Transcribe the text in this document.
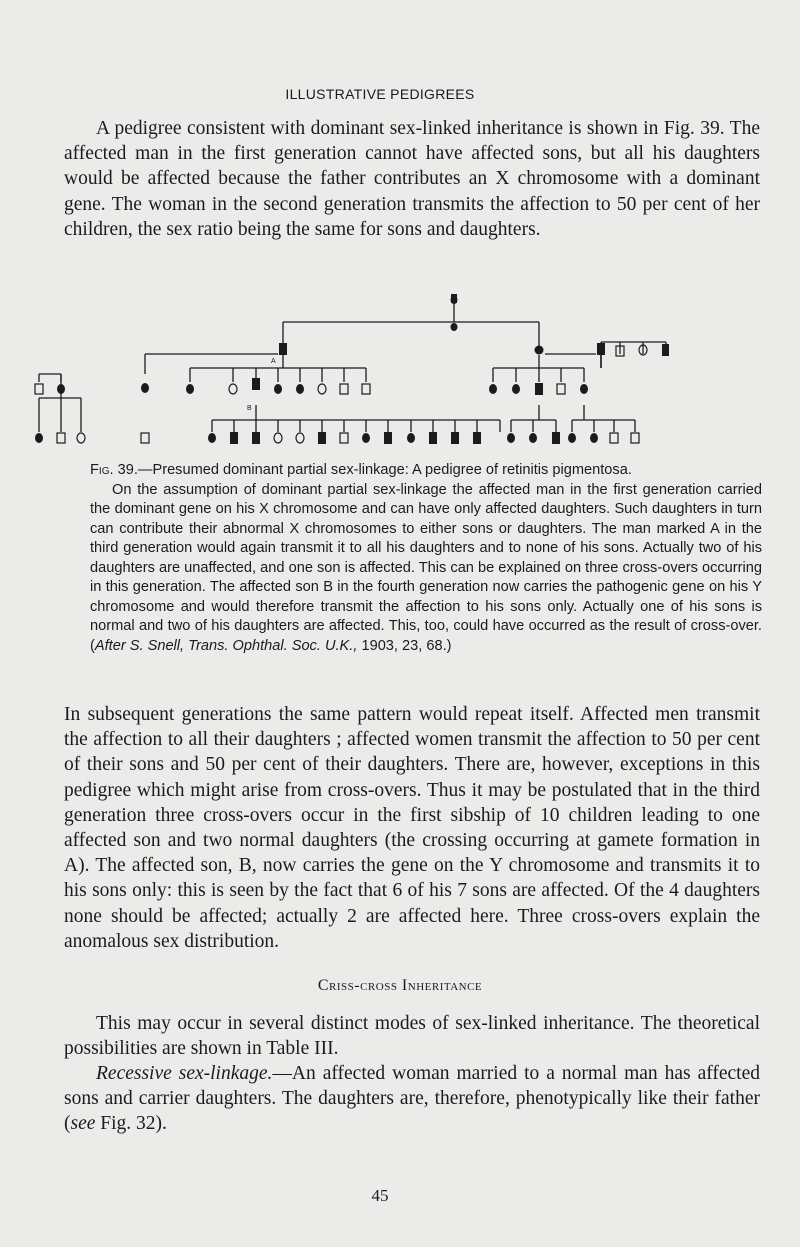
ILLUSTRATIVE PEDIGREES

A pedigree consistent with dominant sex-linked inheritance is shown in Fig. 39. The affected man in the first generation cannot have affected sons, but all his daughters would be affected because the father contributes an X chromosome with a dominant gene. The woman in the second generation transmits the affection to 50 per cent of her children, the sex ratio being the same for sons and daughters.

A
B
Fig. 39.—Presumed dominant partial sex-linkage: A pedigree of retinitis pigmentosa.
On the assumption of dominant partial sex-linkage the affected man in the first generation carried the dominant gene on his X chromosome and can have only affected daughters. Such daughters in turn can contribute their abnormal X chromosomes to either sons or daughters. The man marked A in the third generation would again transmit it to all his daughters and to none of his sons. Actually two of his daughters are unaffected, and one son is affected. This can be explained on three cross-overs occurring in this generation. The affected son B in the fourth generation now carries the pathogenic gene on his Y chromosome and would therefore transmit the affection to his sons only. Actually one of his sons is normal and two of his daughters are affected. This, too, could have occurred as the result of cross-over. (After S. Snell, Trans. Ophthal. Soc. U.K., 1903, 23, 68.)

In subsequent generations the same pattern would repeat itself. Affected men transmit the affection to all their daughters ; affected women transmit the affection to 50 per cent of their sons and 50 per cent of their daughters. There are, however, exceptions in this pedigree which might arise from cross-overs. Thus it may be postulated that in the third generation three cross-overs occur in the first sibship of 10 children leading to one affected son and two normal daughters (the crossing occurring at gamete formation in A). The affected son, B, now carries the gene on the Y chromosome and transmits it to his sons only: this is seen by the fact that 6 of his 7 sons are affected. Of the 4 daughters none should be affected; actually 2 are affected here. Three cross-overs explain the anomalous sex distribution.

Criss-cross Inheritance

This may occur in several distinct modes of sex-linked inheritance. The theoretical possibilities are shown in Table III.

Recessive sex-linkage.—An affected woman married to a normal man has affected sons and carrier daughters. The daughters are, therefore, phenotypically like their father (see Fig. 32).

45
